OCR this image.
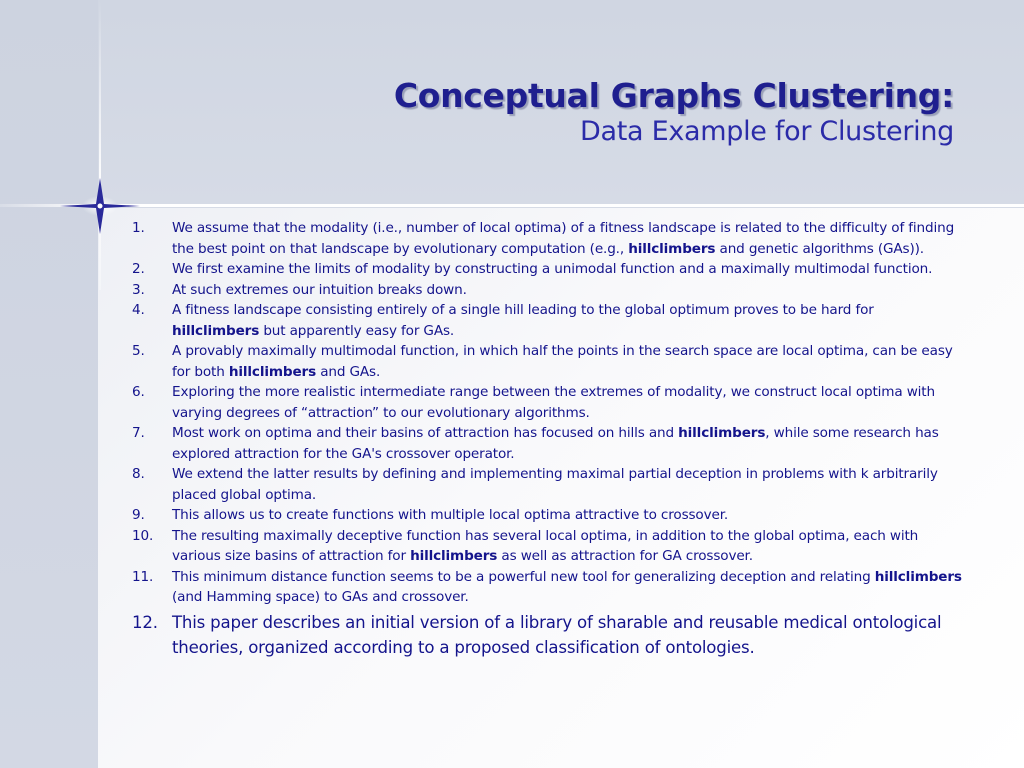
Conceptual Graphs Clustering:
Data Example for Clustering
1.	We assume that the modality (i.e., number of local optima) of a fitness landscape is related to the difficulty of finding the best point on that landscape by evolutionary computation (e.g., hillclimbers and genetic algorithms (GAs)).
2.	We first examine the limits of modality by constructing a unimodal function and a maximally multimodal function.
3.	At such extremes our intuition breaks down.
4.	A fitness landscape consisting entirely of a single hill leading to the global optimum proves to be hard for hillclimbers but apparently easy for GAs.
5.	A provably maximally multimodal function, in which half the points in the search space are local optima, can be easy for both hillclimbers and GAs.
6.	Exploring the more realistic intermediate range between the extremes of modality, we construct local optima with varying degrees of “attraction” to our evolutionary algorithms.
7.	Most work on optima and their basins of attraction has focused on hills and hillclimbers, while some research has explored attraction for the GA's crossover operator.
8.	We extend the latter results by defining and implementing maximal partial deception in problems with k arbitrarily placed global optima.
9.	This allows us to create functions with multiple local optima attractive to crossover.
10.	The resulting maximally deceptive function has several local optima, in addition to the global optima, each with various size basins of attraction for hillclimbers as well as attraction for GA crossover.
11.	This minimum distance function seems to be a powerful new tool for generalizing deception and relating hillclimbers (and Hamming space) to GAs and crossover.
12. This paper describes an initial version of a library of sharable and reusable medical ontological theories, organized according to a proposed classification of ontologies.
